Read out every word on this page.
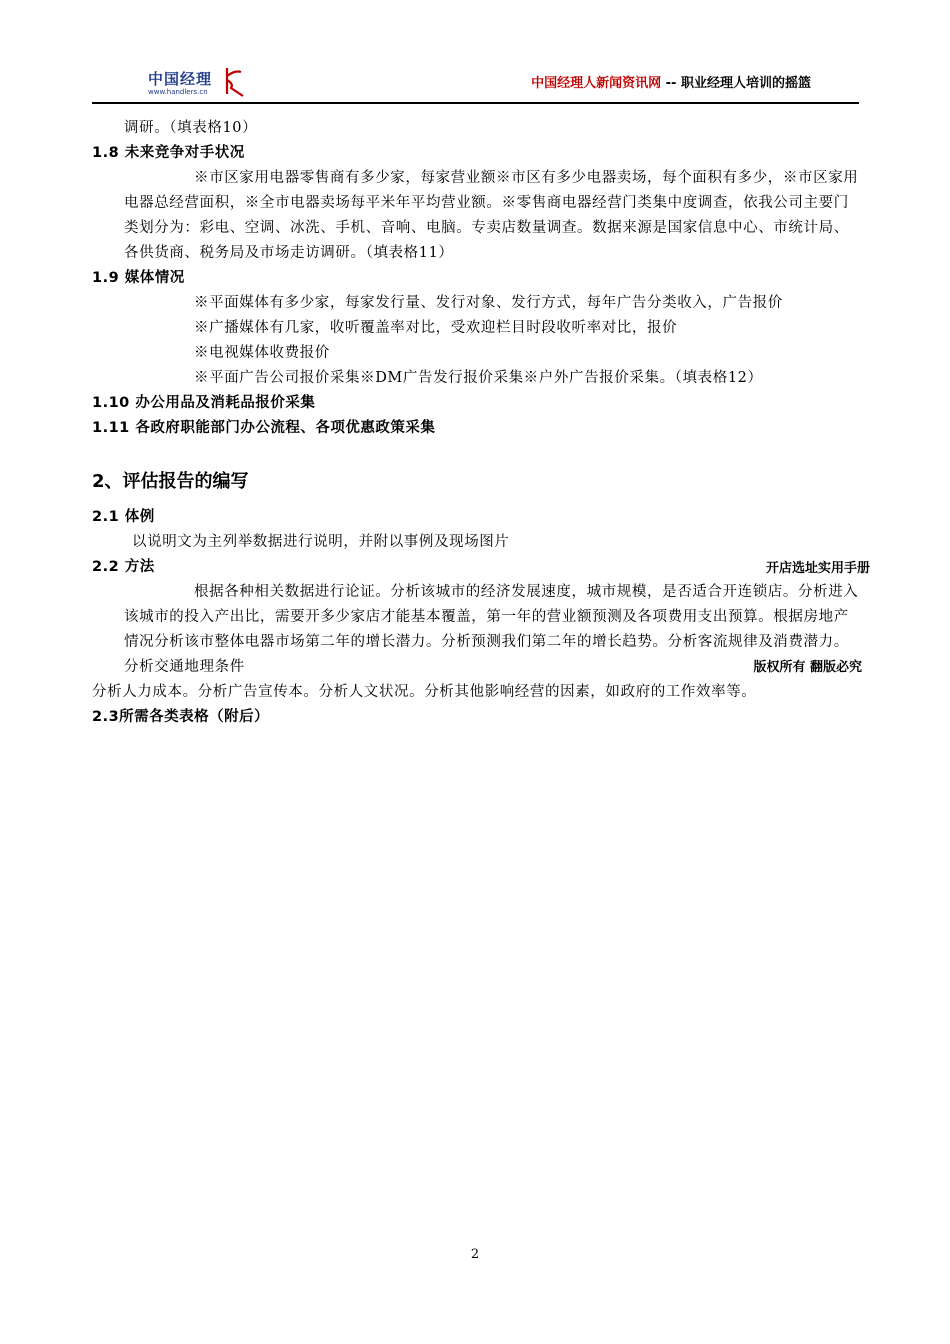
中国经理
www.handlers.cn
中国经理人新闻资讯网 -- 职业经理人培训的摇篮

调研。（填表格10）

1.8 未来竞争对手状况

※市区家用电器零售商有多少家，每家营业额※市区有多少电器卖场，每个面积有多少，※市区家用电器总经营面积，※全市电器卖场每平米年平均营业额。※零售商电器经营门类集中度调查，依我公司主要门类划分为：彩电、空调、冰洗、手机、音响、电脑。专卖店数量调查。数据来源是国家信息中心、市统计局、各供货商、税务局及市场走访调研。（填表格11）

1.9 媒体情况

※平面媒体有多少家，每家发行量、发行对象、发行方式，每年广告分类收入，广告报价

※广播媒体有几家，收听覆盖率对比，受欢迎栏目时段收听率对比，报价

※电视媒体收费报价

※平面广告公司报价采集※DM广告发行报价采集※户外广告报价采集。（填表格12）

1.10 办公用品及消耗品报价采集

1.11 各政府职能部门办公流程、各项优惠政策采集

2、评估报告的编写

2.1 体例

以说明文为主列举数据进行说明，并附以事例及现场图片

2.2 方法	开店选址实用手册

根据各种相关数据进行论证。分析该城市的经济发展速度，城市规模，是否适合开连锁店。分析进入该城市的投入产出比，需要开多少家店才能基本覆盖，第一年的营业额预测及各项费用支出预算。根据房地产情况分析该市整体电器市场第二年的增长潜力。分析预测我们第二年的增长趋势。分析客流规律及消费潜力。分析交通地理条件	版权所有 翻版必究

分析人力成本。分析广告宣传本。分析人文状况。分析其他影响经营的因素，如政府的工作效率等。

2.3所需各类表格（附后）

2
